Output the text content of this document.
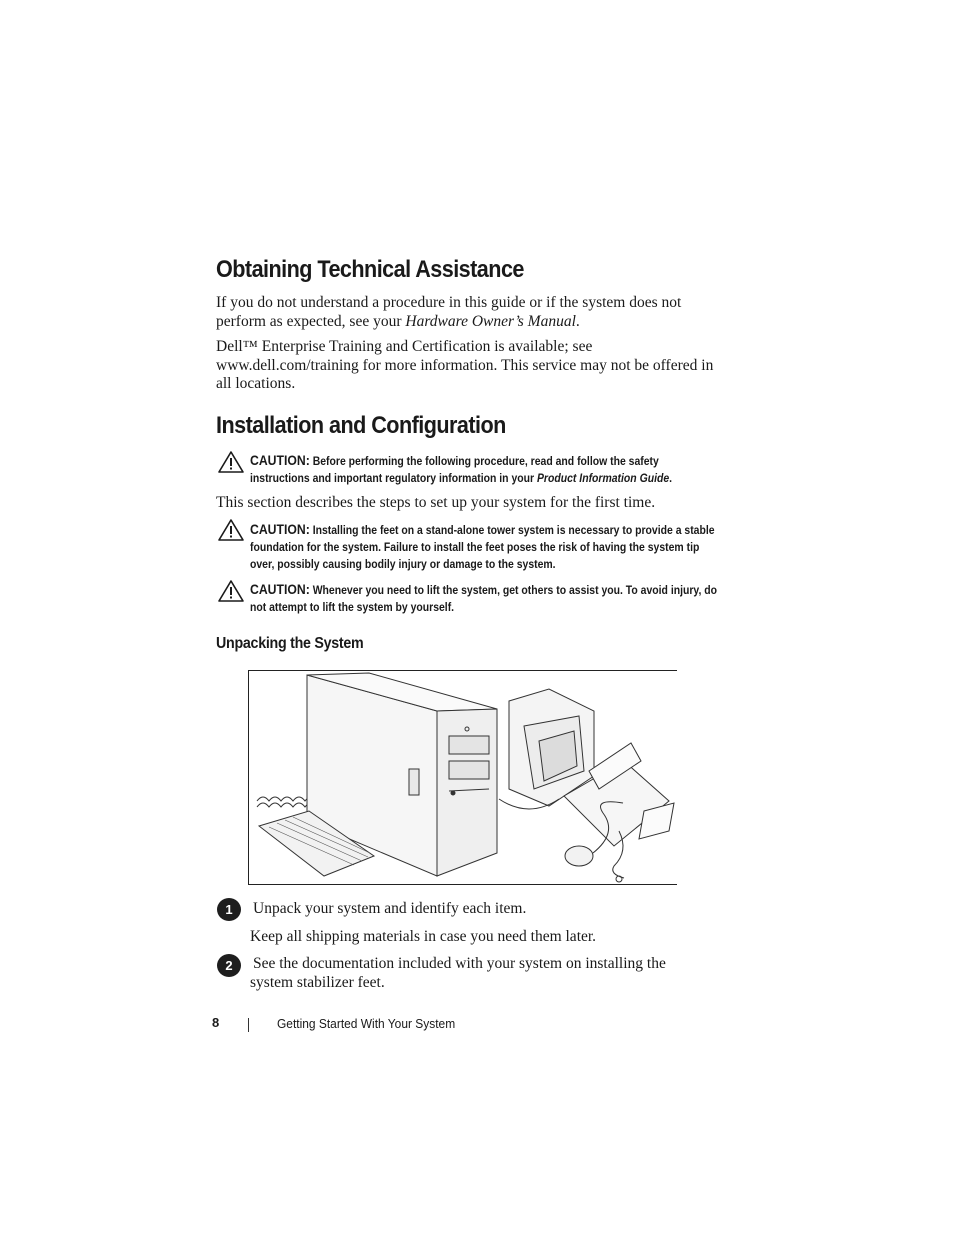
Obtaining Technical Assistance

If you do not understand a procedure in this guide or if the system does not perform as expected, see your Hardware Owner’s Manual.

Dell™ Enterprise Training and Certification is available; see www.dell.com/training for more information. This service may not be offered in all locations.

Installation and Configuration
CAUTION: Before performing the following procedure, read and follow the safety instructions and important regulatory information in your Product Information Guide.

This section describes the steps to set up your system for the first time.

CAUTION: Installing the feet on a stand-alone tower system is necessary to provide a stable foundation for the system. Failure to install the feet poses the risk of having the system tip over, possibly causing bodily injury or damage to the system.
CAUTION: Whenever you need to lift the system, get others to assist you. To avoid injury, do not attempt to lift the system by yourself.
Unpacking the System
1	Unpack your system and identify each item.

Keep all shipping materials in case you need them later.

2	See the documentation included with your system on installing the system stabilizer feet.

8	Getting Started With Your System
